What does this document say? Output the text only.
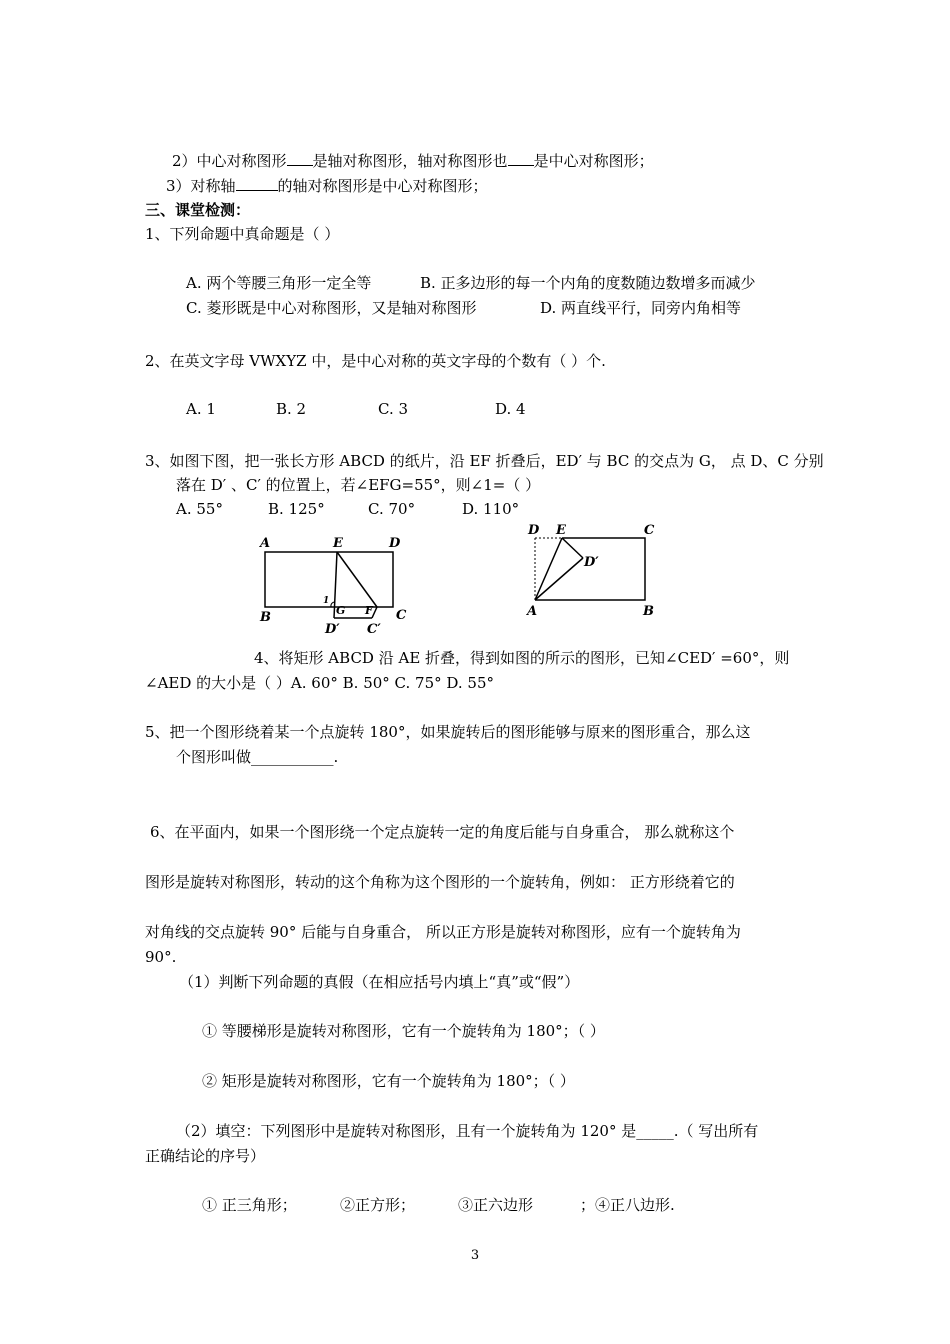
2）中心对称图形 是轴对称图形，轴对称图形也 是中心对称图形；
3）对称轴	的轴对称图形是中心对称图形；
三、课堂检测：
1、下列命题中真命题是（ ）
A. 两个等腰三角形一定全等	B. 正多边形的每一个内角的度数随边数增多而减少
C. 菱形既是中心对称图形，又是轴对称图形	D. 两直线平行，同旁内角相等
2、在英文字母 VWXYZ 中，是中心对称的英文字母的个数有（ ）个.
A. 1	B. 2	C. 3	D. 4
3、如图下图，把一张长方形 ABCD 的纸片，沿 EF 折叠后，ED′ 与 BC 的交点为 G， 点 D、C 分别
落在 D′ 、C′ 的位置上，若∠EFG=55°，则∠1=（ ）
A. 55°	B. 125°	C. 70°	D. 110°
A	E	D
B	G F C
D′ C′
1
D E	C
D′
A	B
4、将矩形 ABCD 沿 AE 折叠，得到如图的所示的图形，已知∠CED′ =60°，则
∠AED 的大小是（ ）A. 60° B. 50° C. 75° D. 55°
5、把一个图形绕着某一个点旋转 180°，如果旋转后的图形能够与原来的图形重合，那么这
个图形叫做___________.
6、在平面内，如果一个图形绕一个定点旋转一定的角度后能与自身重合， 那么就称这个
图形是旋转对称图形，转动的这个角称为这个图形的一个旋转角，例如： 正方形绕着它的
对角线的交点旋转 90° 后能与自身重合， 所以正方形是旋转对称图形，应有一个旋转角为
90°.
（1）判断下列命题的真假（在相应括号内填上“真”或“假”）
① 等腰梯形是旋转对称图形，它有一个旋转角为 180°；（ ）
② 矩形是旋转对称图形，它有一个旋转角为 180°；（ ）
（2）填空：下列图形中是旋转对称图形，且有一个旋转角为 120° 是_____.（ 写出所有
正确结论的序号）
① 正三角形；	②正方形；	③正六边形	；④正八边形.
3
